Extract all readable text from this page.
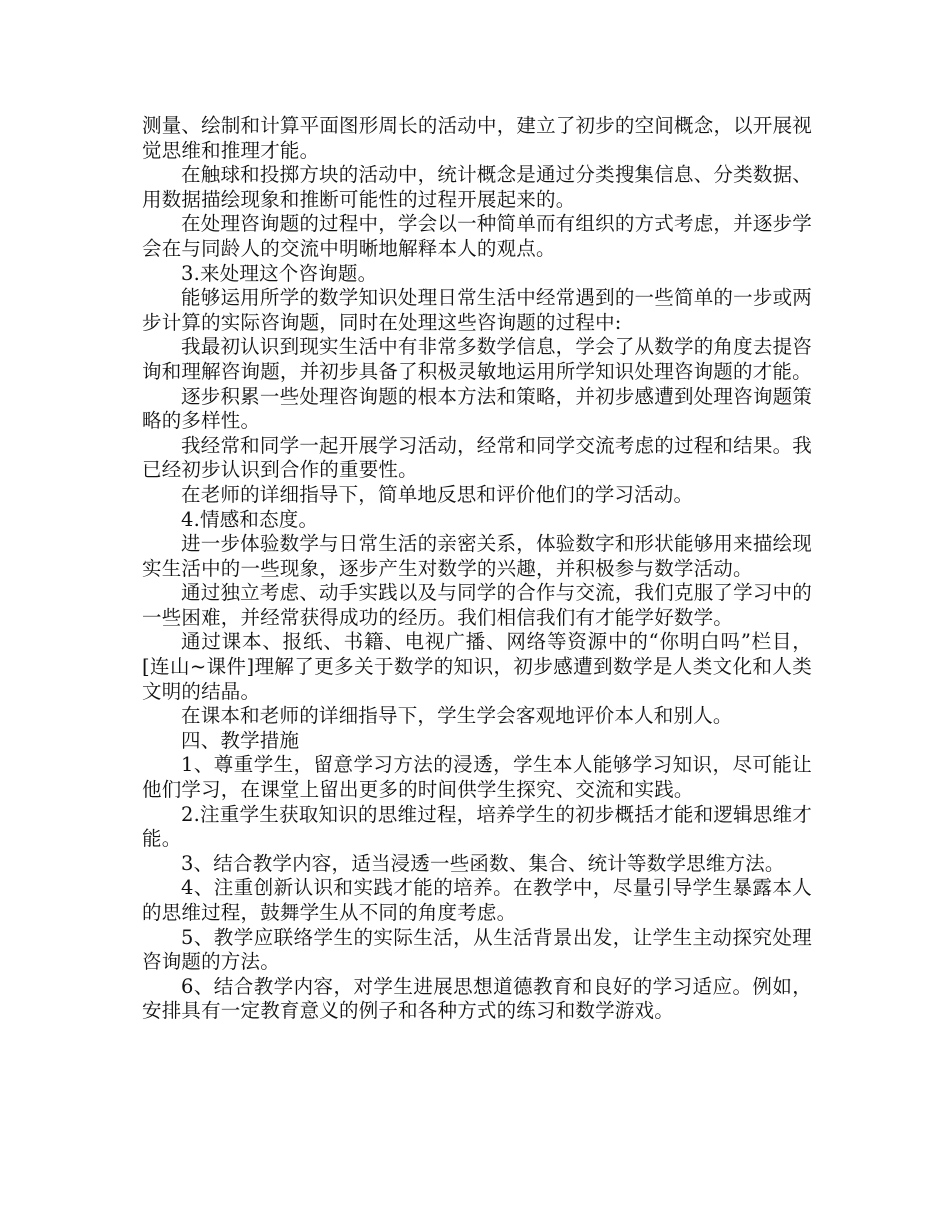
测量、绘制和计算平面图形周长的活动中，建立了初步的空间概念，以开展视觉思维和推理才能。

在触球和投掷方块的活动中，统计概念是通过分类搜集信息、分类数据、用数据描绘现象和推断可能性的过程开展起来的。

在处理咨询题的过程中，学会以一种简单而有组织的方式考虑，并逐步学会在与同龄人的交流中明晰地解释本人的观点。

3.来处理这个咨询题。

能够运用所学的数学知识处理日常生活中经常遇到的一些简单的一步或两步计算的实际咨询题，同时在处理这些咨询题的过程中:

我最初认识到现实生活中有非常多数学信息，学会了从数学的角度去提咨询和理解咨询题，并初步具备了积极灵敏地运用所学知识处理咨询题的才能。

逐步积累一些处理咨询题的根本方法和策略，并初步感遭到处理咨询题策略的多样性。

我经常和同学一起开展学习活动，经常和同学交流考虑的过程和结果。我已经初步认识到合作的重要性。

在老师的详细指导下，简单地反思和评价他们的学习活动。

4.情感和态度。

进一步体验数学与日常生活的亲密关系，体验数字和形状能够用来描绘现实生活中的一些现象，逐步产生对数学的兴趣，并积极参与数学活动。

通过独立考虑、动手实践以及与同学的合作与交流，我们克服了学习中的一些困难，并经常获得成功的经历。我们相信我们有才能学好数学。

通过课本、报纸、书籍、电视广播、网络等资源中的“你明白吗”栏目，[连山~课件]理解了更多关于数学的知识，初步感遭到数学是人类文化和人类文明的结晶。

在课本和老师的详细指导下，学生学会客观地评价本人和别人。

四、教学措施

1、尊重学生，留意学习方法的浸透，学生本人能够学习知识，尽可能让他们学习，在课堂上留出更多的时间供学生探究、交流和实践。

2.注重学生获取知识的思维过程，培养学生的初步概括才能和逻辑思维才能。

3、结合教学内容，适当浸透一些函数、集合、统计等数学思维方法。

4、注重创新认识和实践才能的培养。在教学中，尽量引导学生暴露本人的思维过程，鼓舞学生从不同的角度考虑。

5、教学应联络学生的实际生活，从生活背景出发，让学生主动探究处理咨询题的方法。

6、结合教学内容，对学生进展思想道德教育和良好的学习适应。例如，安排具有一定教育意义的例子和各种方式的练习和数学游戏。
